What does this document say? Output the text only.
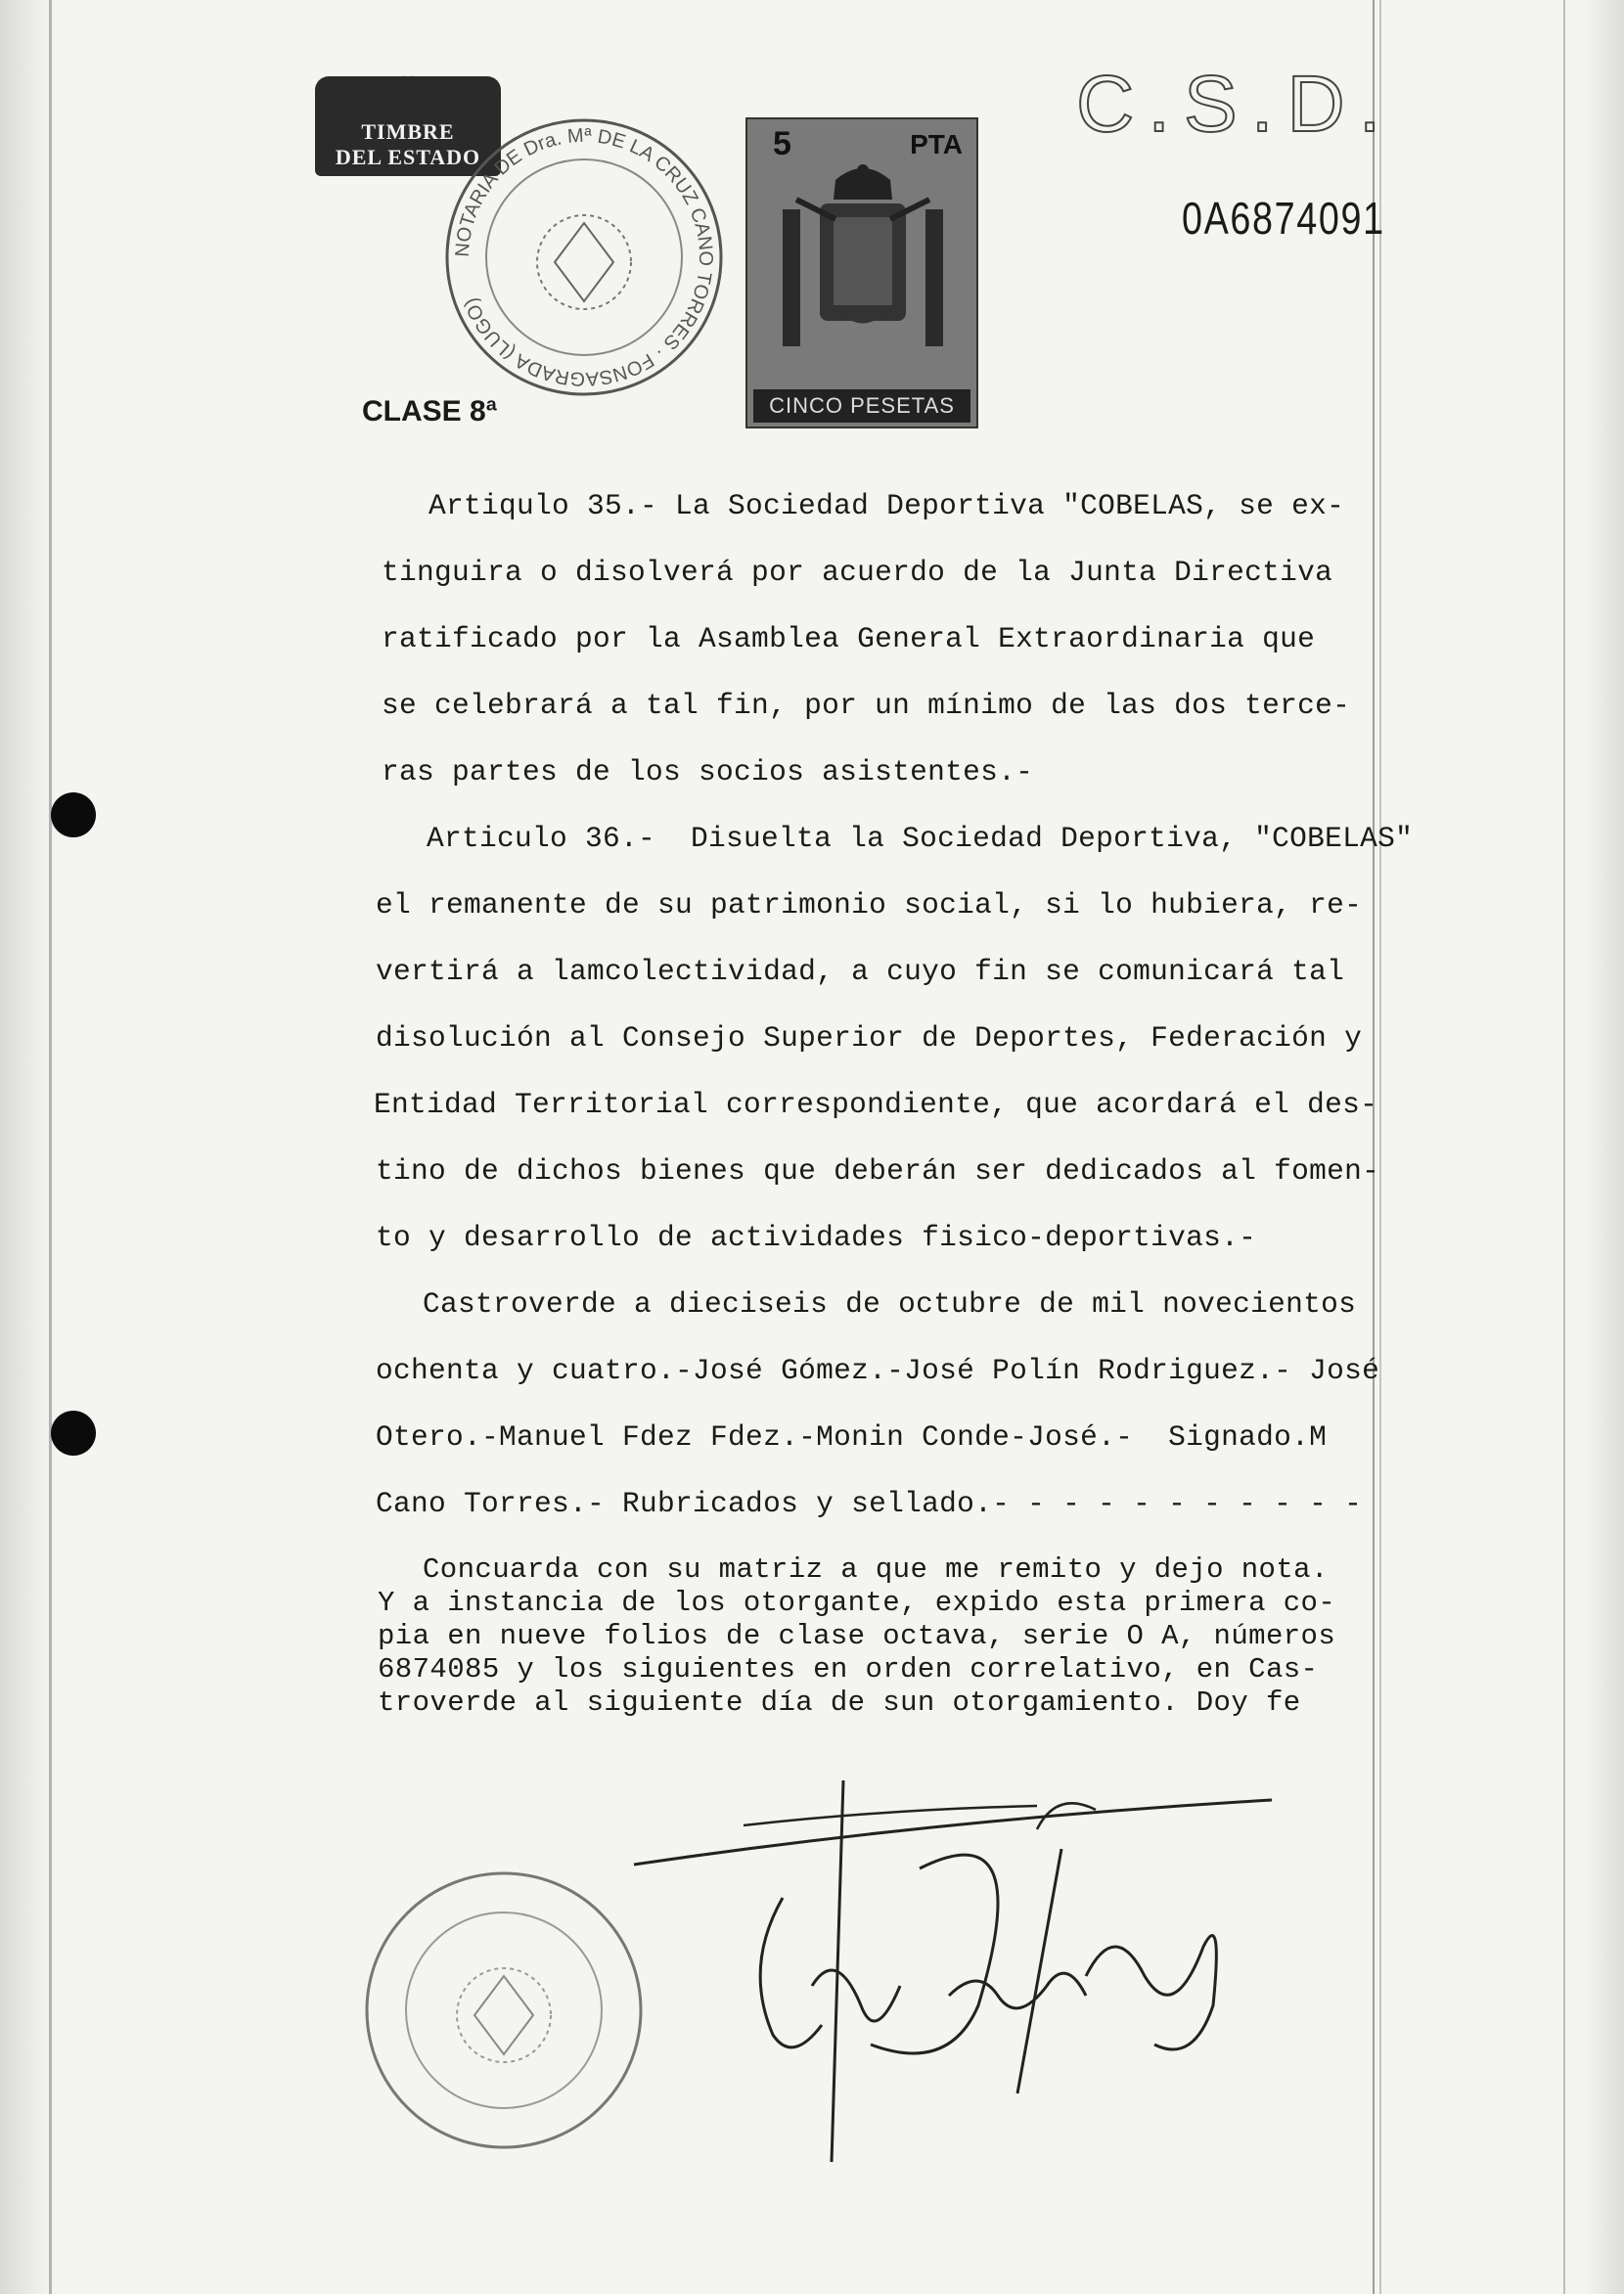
TIMBRE
DEL ESTADO
NOTARIA DE Dra. Mª DE LA CRUZ CANO TORRES · FONSAGRADA (LUGO)
5	PTA
CINCO PESETAS
C.S.D.
0A6874091
CLASE 8ª
Artiqulo 35.- La Sociedad Deportiva "COBELAS, se ex-
tinguira o disolverá por acuerdo de la Junta Directiva
ratificado por la Asamblea General Extraordinaria que
se celebrará a tal fin, por un mínimo de las dos terce-
ras partes de los socios asistentes.-
Articulo 36.-  Disuelta la Sociedad Deportiva, "COBELAS"
el remanente de su patrimonio social, si lo hubiera, re-
vertirá a lamcolectividad, a cuyo fin se comunicará tal
disolución al Consejo Superior de Deportes, Federación y
Entidad Territorial correspondiente, que acordará el des-
tino de dichos bienes que deberán ser dedicados al fomen-
to y desarrollo de actividades fisico-deportivas.-
Castroverde a dieciseis de octubre de mil novecientos
ochenta y cuatro.-José Gómez.-José Polín Rodriguez.- José
Otero.-Manuel Fdez Fdez.-Monin Conde-José.-  Signado.M
Cano Torres.- Rubricados y sellado.- - - - - - - - - - -
Concuarda con su matriz a que me remito y dejo nota.
Y a instancia de los otorgante, expido esta primera co-
pia en nueve folios de clase octava, serie O A, números
6874085 y los siguientes en orden correlativo, en Cas-
troverde al siguiente día de sun otorgamiento. Doy fe
